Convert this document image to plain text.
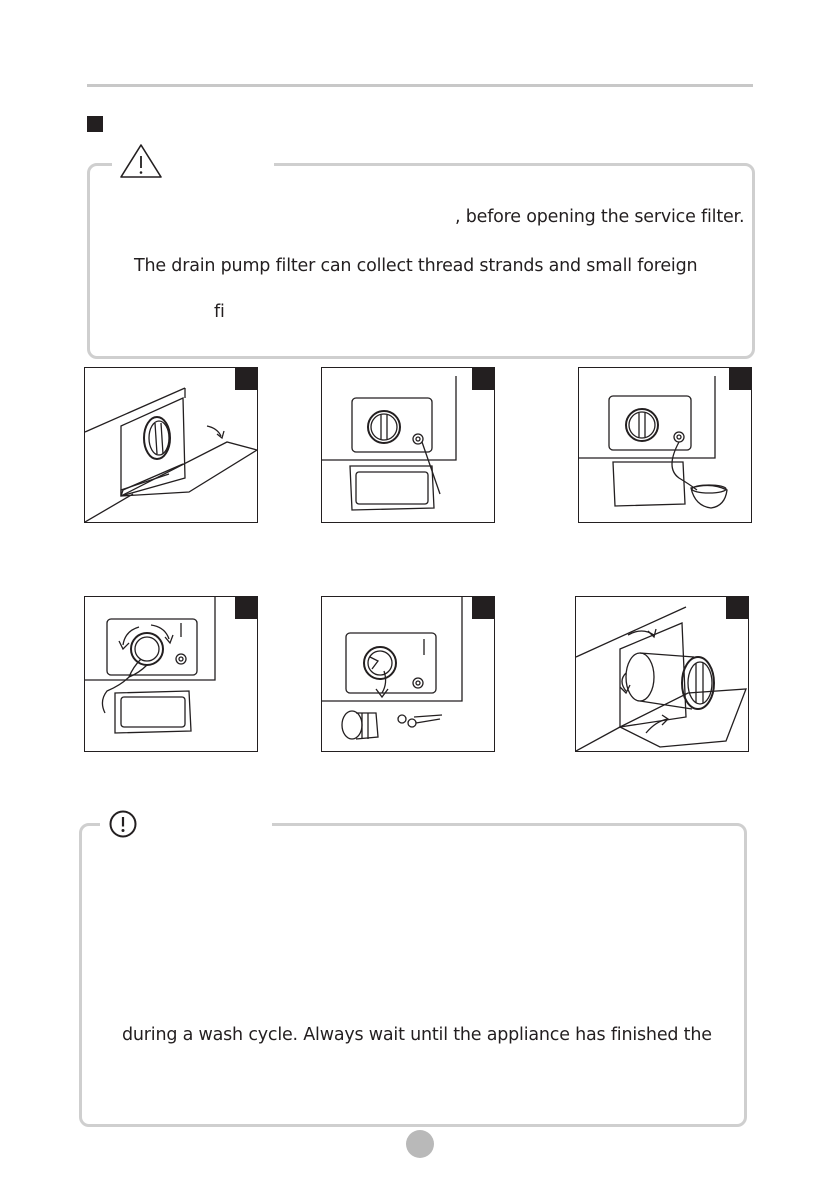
, before opening the service filter.
The drain pump filter can collect thread strands and small foreign
fi
during a wash cycle. Always wait until the appliance has finished the
